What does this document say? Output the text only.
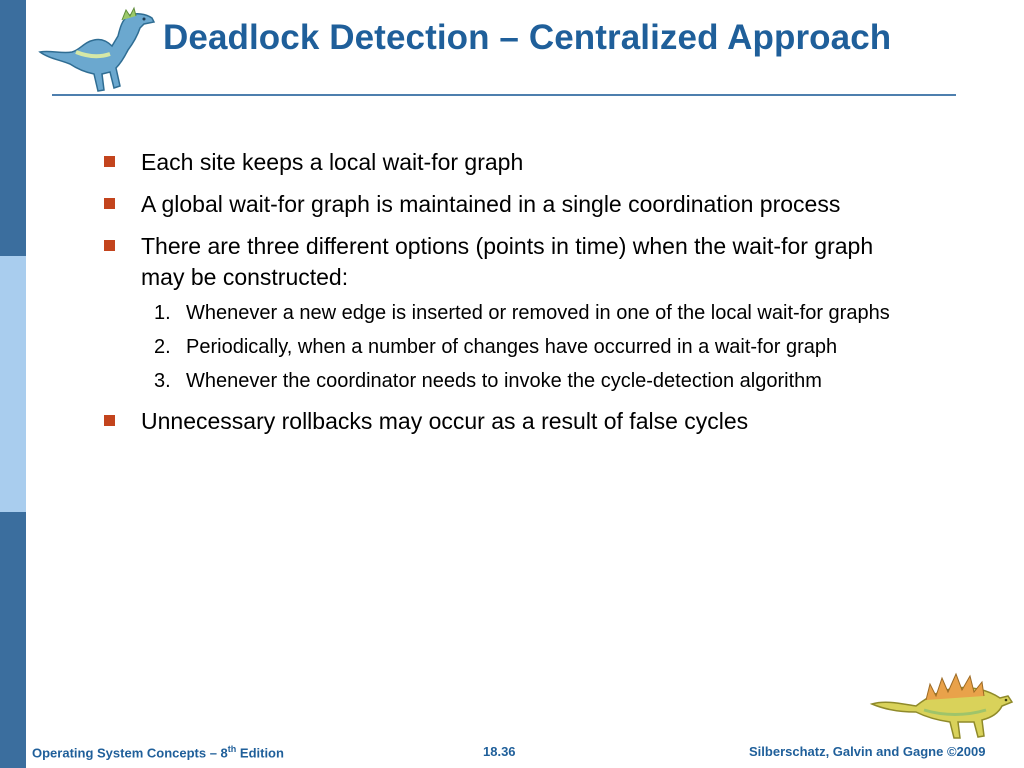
Deadlock Detection – Centralized Approach
Each site keeps a local wait-for graph
A global wait-for graph is maintained in a single coordination process
There are three different options (points in time) when the wait-for graph may be constructed:
1. Whenever a new edge is inserted or removed in one of the local wait-for graphs
2. Periodically, when a number of changes have occurred in a wait-for graph
3. Whenever the coordinator needs to invoke the cycle-detection algorithm
Unnecessary rollbacks may occur as a result of false cycles
Operating System Concepts – 8th Edition	18.36	Silberschatz, Galvin and Gagne ©2009
